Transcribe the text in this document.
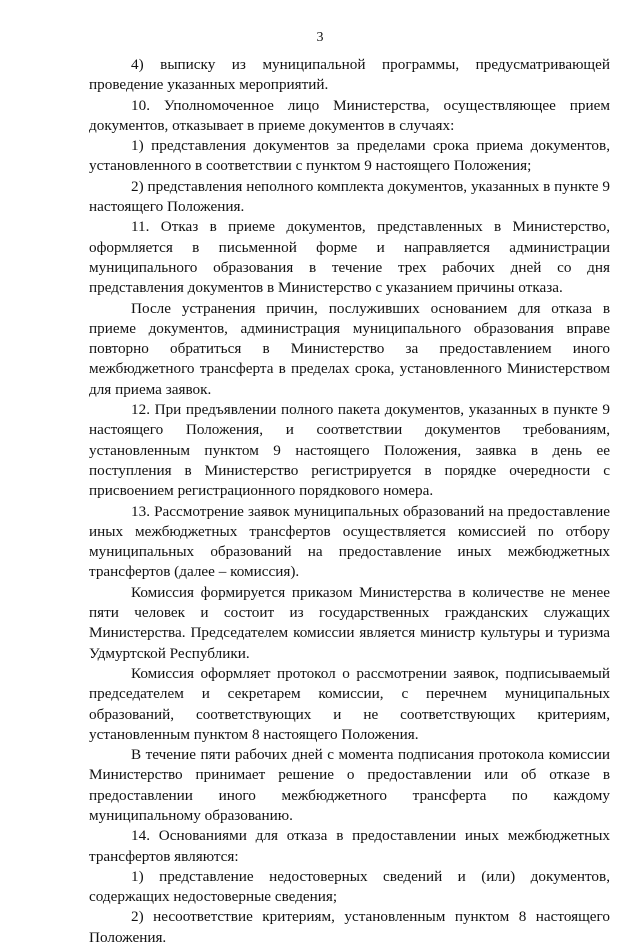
3

4) выписку из муниципальной программы, предусматривающей проведение указанных мероприятий.

10. Уполномоченное лицо Министерства, осуществляющее прием документов, отказывает в приеме документов в случаях:

1) представления документов за пределами срока приема документов, установленного в соответствии с пунктом 9 настоящего Положения;

2) представления неполного комплекта документов, указанных в пункте 9 настоящего Положения.

11. Отказ в приеме документов, представленных в Министерство, оформляется в письменной форме и направляется администрации муниципального образования в течение трех рабочих дней со дня представления документов в Министерство с указанием причины отказа.

После устранения причин, послуживших основанием для отказа в приеме документов, администрация муниципального образования вправе повторно обратиться в Министерство за предоставлением иного межбюджетного трансферта в пределах срока, установленного Министерством для приема заявок.

12. При предъявлении полного пакета документов, указанных в пункте 9 настоящего Положения, и соответствии документов требованиям, установленным пунктом 9 настоящего Положения, заявка в день ее поступления в Министерство регистрируется в порядке очередности с присвоением регистрационного порядкового номера.

13. Рассмотрение заявок муниципальных образований на предоставление иных межбюджетных трансфертов осуществляется комиссией по отбору муниципальных образований на предоставление иных межбюджетных трансфертов (далее – комиссия).

Комиссия формируется приказом Министерства в количестве не менее пяти человек и состоит из государственных гражданских служащих Министерства. Председателем комиссии является министр культуры и туризма Удмуртской Республики.

Комиссия оформляет протокол о рассмотрении заявок, подписываемый председателем и секретарем комиссии, с перечнем муниципальных образований, соответствующих и не соответствующих критериям, установленным пунктом 8 настоящего Положения.

В течение пяти рабочих дней с момента подписания протокола комиссии Министерство принимает решение о предоставлении или об отказе в предоставлении иного межбюджетного трансферта по каждому муниципальному образованию.

14. Основаниями для отказа в предоставлении иных межбюджетных трансфертов являются:

1) представление недостоверных сведений и (или) документов, содержащих недостоверные сведения;

2) несоответствие критериям, установленным пунктом 8 настоящего Положения.
